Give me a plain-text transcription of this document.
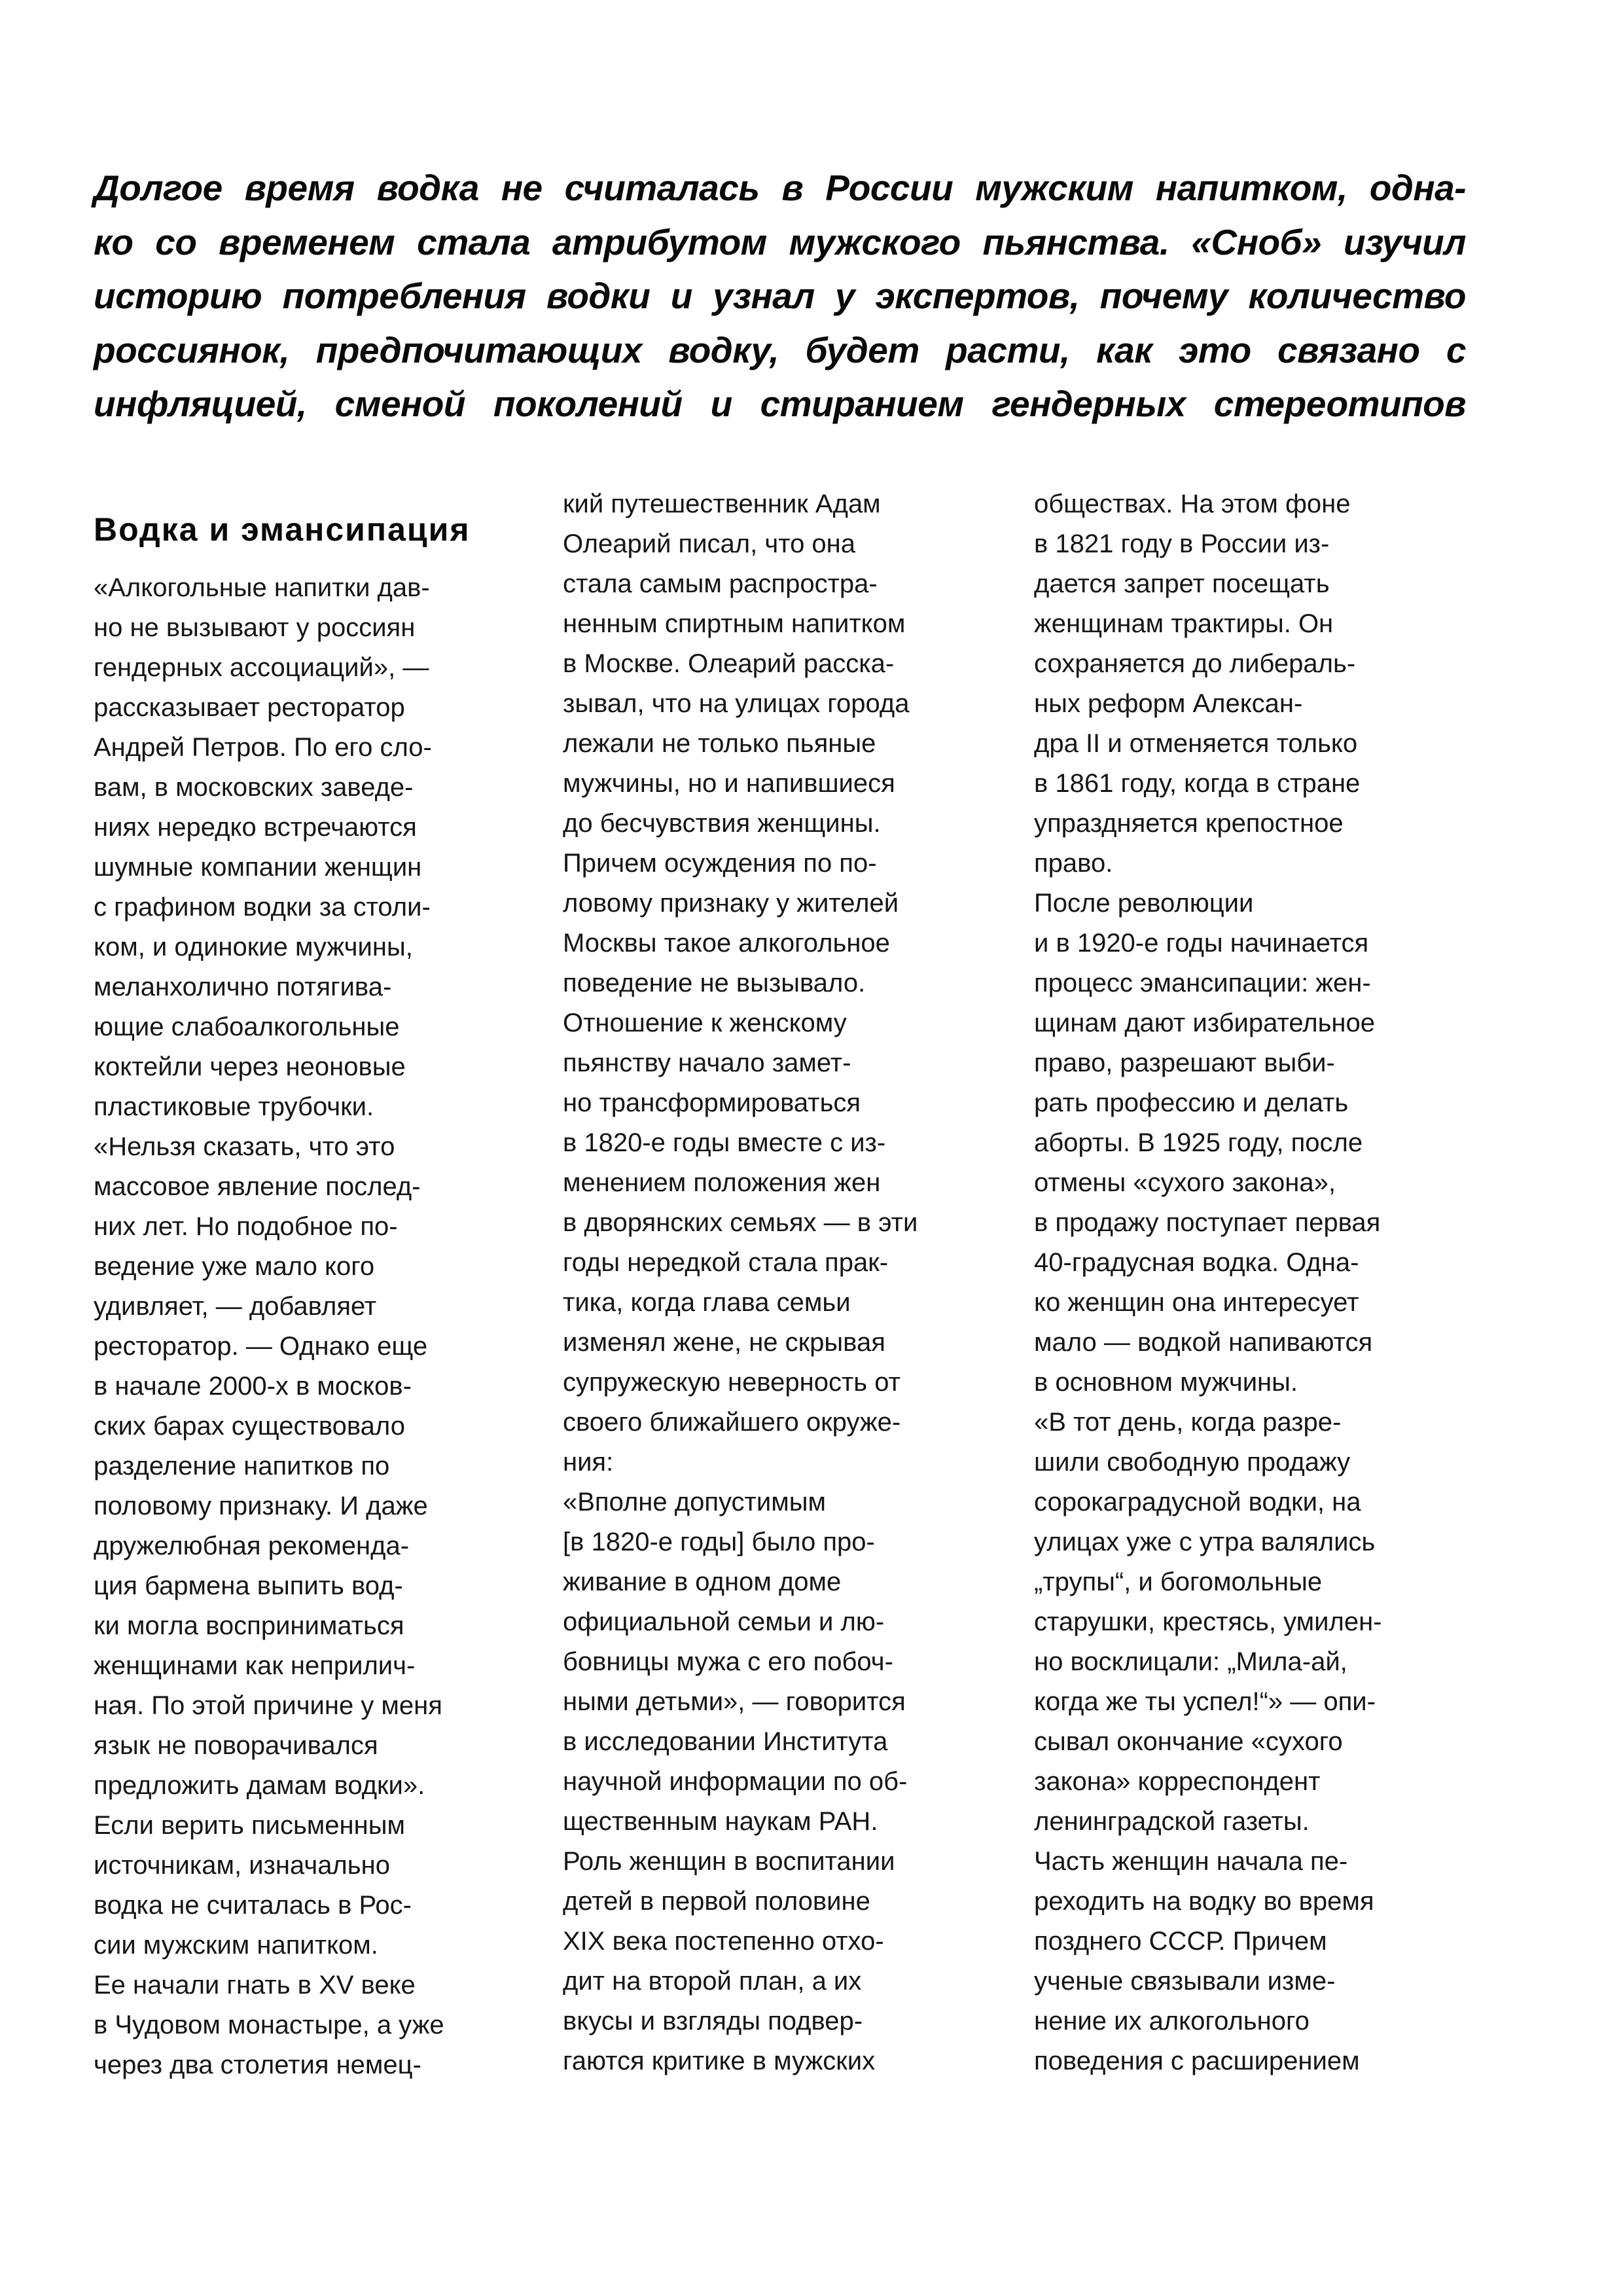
Долгое время водка не считалась в России мужским напитком, одна-
ко со временем стала атрибутом мужского пьянства. «Сноб» изучил
историю потребления водки и узнал у экспертов, почему количество
россиянок, предпочитающих водку, будет расти, как это связано с
инфляцией, сменой поколений и стиранием гендерных стереотипов
Водка и эмансипация
«Алкогольные напитки дав-
но не вызывают у россиян
гендерных ассоциаций», —
рассказывает ресторатор
Андрей Петров. По его сло-
вам, в московских заведе-
ниях нередко встречаются
шумные компании женщин
с графином водки за столи-
ком, и одинокие мужчины,
меланхолично потягива-
ющие слабоалкогольные
коктейли через неоновые
пластиковые трубочки.
«Нельзя сказать, что это
массовое явление послед-
них лет. Но подобное по-
ведение уже мало кого
удивляет, — добавляет
ресторатор. — Однако еще
в начале 2000-х в москов-
ских барах существовало
разделение напитков по
половому признаку. И даже
дружелюбная рекоменда-
ция бармена выпить вод-
ки могла восприниматься
женщинами как неприлич-
ная. По этой причине у меня
язык не поворачивался
предложить дамам водки».
Если верить письменным
источникам, изначально
водка не считалась в Рос-
сии мужским напитком.
Ее начали гнать в XV веке
в Чудовом монастыре, а уже
через два столетия немец-
кий путешественник Адам
Олеарий писал, что она
стала самым распростра-
ненным спиртным напитком
в Москве. Олеарий расска-
зывал, что на улицах города
лежали не только пьяные
мужчины, но и напившиеся
до бесчувствия женщины.
Причем осуждения по по-
ловому признаку у жителей
Москвы такое алкогольное
поведение не вызывало.
Отношение к женскому
пьянству начало замет-
но трансформироваться
в 1820-е годы вместе с из-
менением положения жен
в дворянских семьях — в эти
годы нередкой стала прак-
тика, когда глава семьи
изменял жене, не скрывая
супружескую неверность от
своего ближайшего окруже-
ния:
«Вполне допустимым
[в 1820-е годы] было про-
живание в одном доме
официальной семьи и лю-
бовницы мужа с его побоч-
ными детьми», — говорится
в исследовании Института
научной информации по об-
щественным наукам РАН.
Роль женщин в воспитании
детей в первой половине
XIX века постепенно отхо-
дит на второй план, а их
вкусы и взгляды подвер-
гаются критике в мужских
обществах. На этом фоне
в 1821 году в России из-
дается запрет посещать
женщинам трактиры. Он
сохраняется до либераль-
ных реформ Алексан-
дра II и отменяется только
в 1861 году, когда в стране
упраздняется крепостное
право.
После революции
и в 1920-е годы начинается
процесс эмансипации: жен-
щинам дают избирательное
право, разрешают выби-
рать профессию и делать
аборты. В 1925 году, после
отмены «сухого закона»,
в продажу поступает первая
40-градусная водка. Одна-
ко женщин она интересует
мало — водкой напиваются
в основном мужчины.
«В тот день, когда разре-
шили свободную продажу
сорокаградусной водки, на
улицах уже с утра валялись
„трупы“, и богомольные
старушки, крестясь, умилен-
но восклицали: „Мила-ай,
когда же ты успел!“» — опи-
сывал окончание «сухого
закона» корреспондент
ленинградской газеты.
Часть женщин начала пе-
реходить на водку во время
позднего СССР. Причем
ученые связывали изме-
нение их алкогольного
поведения с расширением
